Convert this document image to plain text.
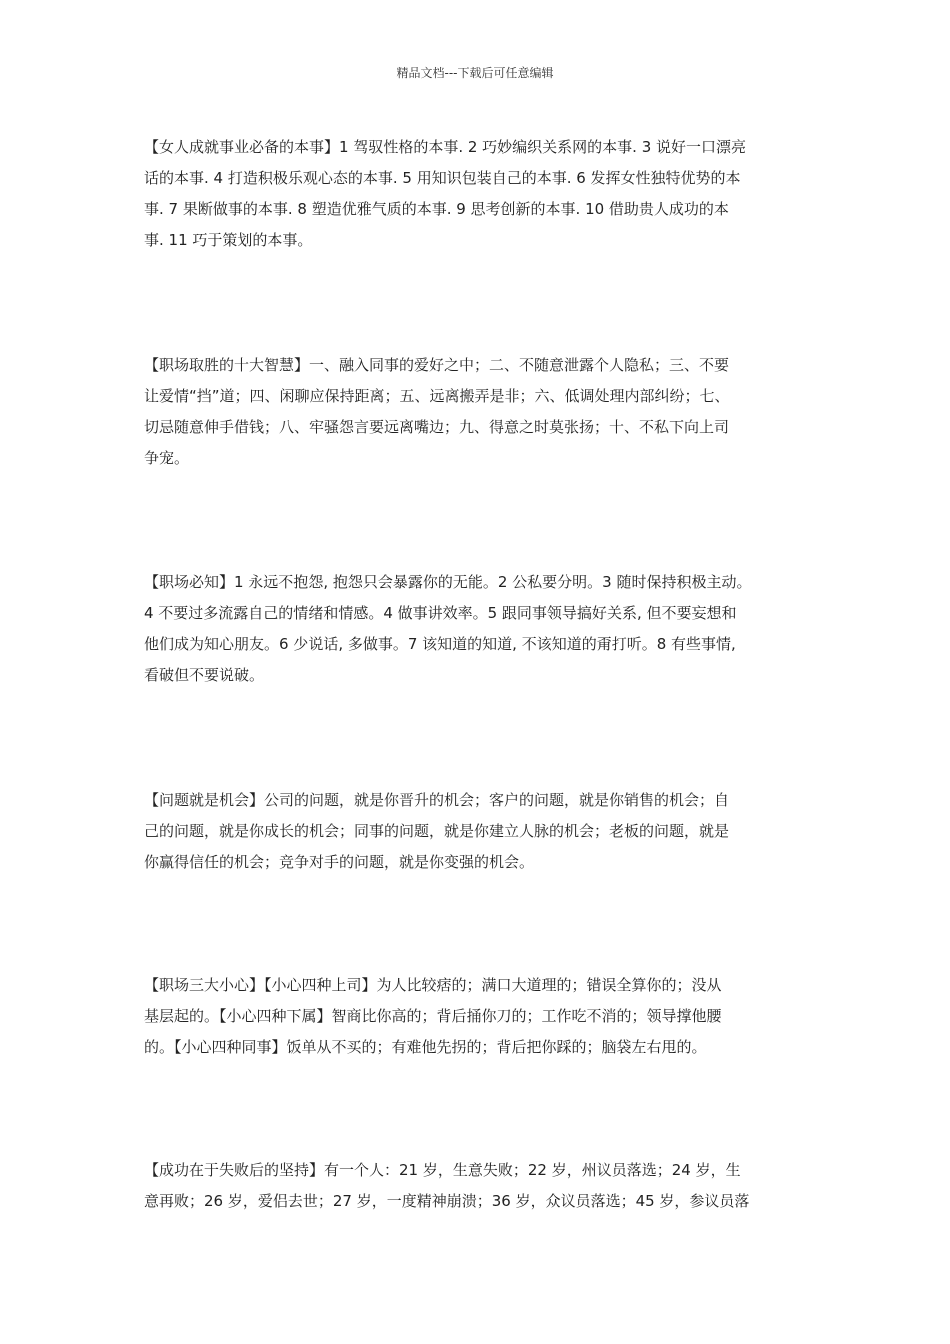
精品文档---下载后可任意编辑
【女人成就事业必备的本事】1 驾驭性格的本事. 2 巧妙编织关系网的本事. 3 说好一口漂亮
话的本事. 4 打造积极乐观心态的本事. 5 用知识包装自己的本事. 6 发挥女性独特优势的本
事. 7 果断做事的本事. 8 塑造优雅气质的本事. 9 思考创新的本事. 10 借助贵人成功的本
事. 11 巧于策划的本事。
【职场取胜的十大智慧】一、融入同事的爱好之中；二、不随意泄露个人隐私；三、不要
让爱情“挡”道；四、闲聊应保持距离；五、远离搬弄是非；六、低调处理内部纠纷；七、
切忌随意伸手借钱；八、牢骚怨言要远离嘴边；九、得意之时莫张扬；十、不私下向上司
争宠。
【职场必知】1 永远不抱怨, 抱怨只会暴露你的无能。2 公私要分明。3 随时保持积极主动。
4 不要过多流露自己的情绪和情感。4 做事讲效率。5 跟同事领导搞好关系, 但不要妄想和
他们成为知心朋友。6 少说话, 多做事。7 该知道的知道, 不该知道的甭打听。8 有些事情,
看破但不要说破。
【问题就是机会】公司的问题，就是你晋升的机会；客户的问题，就是你销售的机会；自
己的问题，就是你成长的机会；同事的问题，就是你建立人脉的机会；老板的问题，就是
你赢得信任的机会；竞争对手的问题，就是你变强的机会。
【职场三大小心】【小心四种上司】为人比较痞的；满口大道理的；错误全算你的；没从
基层起的。【小心四种下属】智商比你高的；背后捅你刀的；工作吃不消的；领导撑他腰
的。【小心四种同事】饭单从不买的；有难他先拐的；背后把你踩的；脑袋左右甩的。
【成功在于失败后的坚持】有一个人：21 岁，生意失败；22 岁，州议员落选；24 岁，生
意再败；26 岁，爱侣去世；27 岁，一度精神崩溃；36 岁，众议员落选；45 岁，参议员落
